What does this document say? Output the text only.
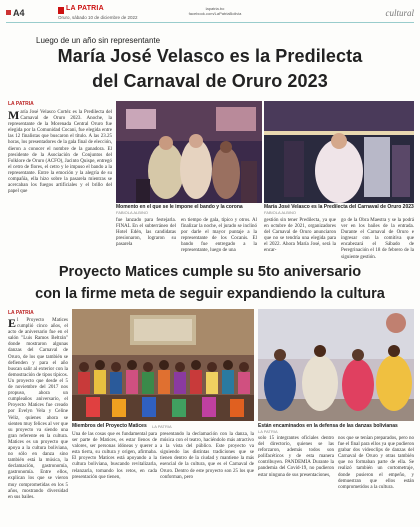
A4	LA PATRIA
Oruro, sábado 10 de diciembre de 2022
lapatria.bo facebook.com/LaPatriaBolivia	cultural
Luego de un año sin representante
María José Velasco es la Predilecta
del Carnaval de Oruro 2023
LA PATRIA
María José Velasco Cortéz es la Predilecta del Carnaval de Oruro 2023. Anoche, la representante de la Morenada Central Oruro fue elegida por la Comunidad Cocani, fue elegida entre las 12 finalistas que buscaron el título. A las 23.25 horas, los presentadores de la gala final de elección, dieron a conocer el nombre de la ganadora. El presidente de la Asociación de Conjuntos del Folklore de Oruro (ACFO), Jacinto Quispe, entregó el cetro de flores, el cetro y le impuso el bando a la representante. Entre la emoción y la alegría de su compañía, ella hizo sobre la pasarela mientras se acercaban los fuegos artificiales y el brillo del papel que
Momento en el que se le impone el bando y la corona
FABIOLA ALBINO
María José Velasco es la Predilecta del Carnaval de Oruro 2023
FABIOLA ALBINO
fue lanzado para festejarla. FINAL En el subterráneo del Hotel Edén, las candidatas presionaron, lograron su pasarela
en tiempo de gala, típico y otros. Al finalizar la noche, el jurado se inclinó por darle el mayor puntaje a la representante de los Cocanis. El bando fue entregado a la representante, luego de una
gestión sin tener Predilecta, ya que en octubre de 2021, organizadores del Carnaval de Oruro anunciaron que no se tendría una elegida para el 2022. Ahora María José, será la encar-
go de la Obra Maestra y se la podrá ver en los bailes de la entrada. Durante el Carnaval de Oruro e ingresar con la comitiva que encabezará el Sábado de Peregrinación el 18 de febrero de la siguiente gestión.
Proyecto Matices cumple su 5to aniversario
con la firme meta de seguir expandiendo la cultura
LA PATRIA
El Proyecto Matices cumplió cinco años, el acto de aniversario fue en el salón "Luis Ramos Beltrán" donde mostraron algunas danzas del Carnaval de Oruro, de los que también se defienden y para el año buscan salir al exterior con la demostración de tipos típicos. Un proyecto que desde el 5 de noviembre del 2017 nos propuso, ahora un cumpleaños aniversario, el Proyecto Matices fue creado por Evelyn Vela y Celine Veliz, quienes ahora se sienten muy felices al ver que su proyecto va siendo una gran referente en la cultura. Matices es un proyecto que apoya a la cultura boliviana, no sólo en danza sino también está la música, la declamación, gastronomía, gastronomía. Entre ellos, explican los que se vieron muy comprometidas en los 5 años, mostrando diversidad en sus bailes.
Miembros del Proyecto Matices	LA PATRIA	Están encaminados en la defensa de las danzas bolivianas
LA PATRIA
Una de las cosas que es fundamental para ser parte de Matices, es estar llenos de valores, ser personas idóneas y querer a esta tierra, su cultura y origen, afirmaba. El proyecto Matices está apoyando a la cultura boliviana, buscando revitalizarla, relanzarla, tomando los retos, en cada presentación que tienen,
presentando la declamación con la danza, la música con el teatro, haciéndolo más atractivo a la vista del público. Este proyecto va siguiendo las distintas tradiciones que se tienen dentro de la ciudad y mantiene la más esencial de la cultura, que es el Carnaval de Oruro. Dentro de este proyecto son 25 los que conforman, pero
solo 15 integrantes oficiales dentro del directorio, quienes se las reforzaron, además todos son polifacéticos y de esta manera contribuyen. PANDEMIA Durante la pandemia del Covid-19, no pudieron estar ninguna de sus presentaciones,
nos que se tenían preparados, pero no fue el final para ellos ya que pudieron grabar dos videoclips de danzas del Carnaval de Oruro y otras también que no formaban parte de ella. Se realizó también un cortometraje, donde pusieron el empeño, y demuestran que ellos están comprometidos a la cultura.
